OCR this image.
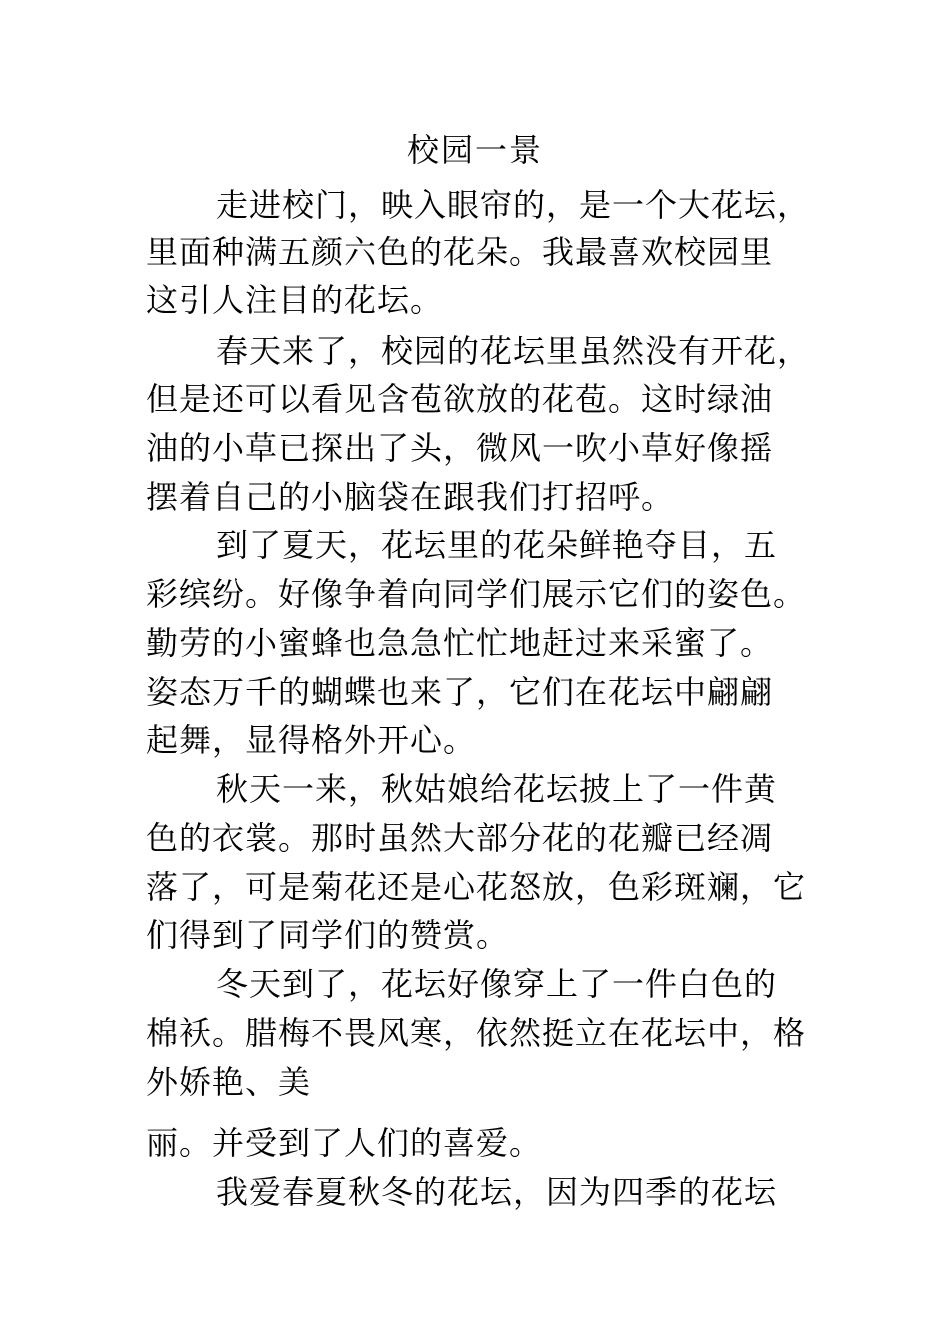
校园一景
走进校门，映入眼帘的，是一个大花坛，
里面种满五颜六色的花朵。我最喜欢校园里
这引人注目的花坛。
春天来了，校园的花坛里虽然没有开花，
但是还可以看见含苞欲放的花苞。这时绿油
油的小草已探出了头，微风一吹小草好像摇
摆着自己的小脑袋在跟我们打招呼。
到了夏天，花坛里的花朵鲜艳夺目，五
彩缤纷。好像争着向同学们展示它们的姿色。
勤劳的小蜜蜂也急急忙忙地赶过来采蜜了。
姿态万千的蝴蝶也来了，它们在花坛中翩翩
起舞，显得格外开心。
秋天一来，秋姑娘给花坛披上了一件黄
色的衣裳。那时虽然大部分花的花瓣已经凋
落了，可是菊花还是心花怒放，色彩斑斓，它
们得到了同学们的赞赏。
冬天到了，花坛好像穿上了一件白色的
棉袄。腊梅不畏风寒，依然挺立在花坛中，格
外娇艳、美
丽。并受到了人们的喜爱。
我爱春夏秋冬的花坛，因为四季的花坛
